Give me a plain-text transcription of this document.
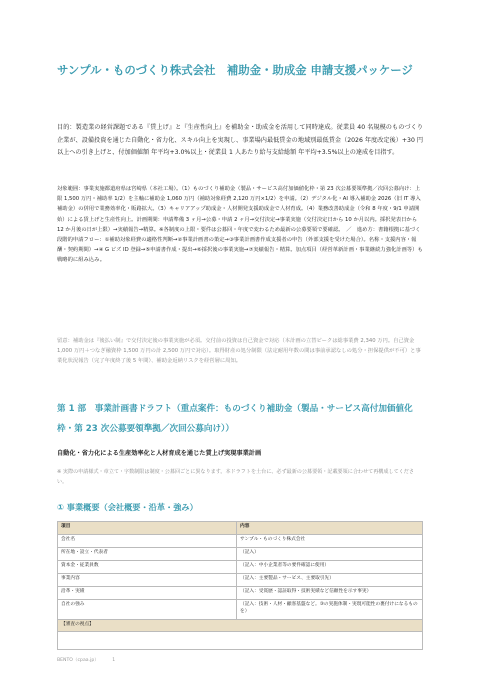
サンプル・ものづくり株式会社　補助金・助成金 申請支援パッケージ
目的：製造業の経営課題である『賃上げ』と『生産性向上』を補助金・助成金を活用して同時達成。従業員 40 名規模のものづくり企業が、設備投資を通じた自動化・省力化、スキル向上を実現し、事業場内最低賃金の地域別最低賃金（2026 年度改定後）+30 円以上への引き上げと、付加価値額 年平均+3.0%以上・従業員 1 人あたり給与支給総額 年平均+3.5%以上の達成を目指す。
対象範囲：事業実施都道府県は宮崎県（本社工場）。（1）ものづくり補助金（製品・サービス高付加価値化枠・第 23 次公募要領準拠／次回公募向け：上限 1,500 万円・補助率 1/2）を主軸に補助金 1,060 万円（補助対象経費 2,120 万円×1/2）を申請。（2）デジタル化・AI 導入補助金 2026（旧 IT 導入補助金）の併用で業務効率化・販路拡大。（3）キャリアアップ助成金・人材開発支援助成金で人材育成。（4）業務改善助成金（令和 8 年度・9/1 申請開始）による賃上げと生産性向上。計画期間：申請準備 3 ヶ月→公募・申請 2 ヶ月→交付決定→事業実施（交付決定日から 10 か月以内。採択発表日から 12 か月後の日が上限）→実績報告→精算。※各制度の上限・要件は公募回・年度で変わるため最新の公募要領で要確認。　／　進め方：書籍根拠に基づく段階的申請フロー：①補助対象経費の適格性判断→②事業計画書の策定→③事業計画書作成支援者の申告（外部支援を受けた場合）。名称・支援内容・報酬・契約期間）→④ G ビズ ID 登録→⑤申請書作成・提出→⑥採択後の事業実施→⑦実績報告・精算。加点項目（経営革新計画・事業継続力強化計画等）も戦略的に組み込み。
留意：補助金は『後払い制』で交付決定後の事業実施が必須。交付前の投資は自己資金で対応（本計画の立替ピークは総事業費 2,340 万円。自己資金 1,000 万円＋つなぎ融資枠 1,500 万円の計 2,500 万円で対応）。取得財産の処分制限（法定耐用年数の間は事前承認なしの処分・担保提供が不可）と事業化状況報告（完了年度終了後 5 年間）、補助金返納リスクを経営層に周知。
第 1 部　事業計画書ドラフト（重点案件：ものづくり補助金（製品・サービス高付加価値化枠・第 23 次公募要領準拠／次回公募向け））
自動化・省力化による生産効率化と人材育成を通じた賃上げ実現事業計画
※ 実際の申請様式・章立て・字数制限は制度・公募回ごとに異なります。本ドラフトを土台に、必ず最新の公募要領・記載要領に合わせて再構成してください。
① 事業概要（会社概要・沿革・強み）
項目	内容
会社名	サンプル・ものづくり株式会社
所在地・設立・代表者	（記入）
資本金・従業員数	（記入：中小企業者等の要件確認に使用）
事業内容	（記入：主要製品・サービス、主要取引先）
沿革・実績	（記入：受賞歴・認証取得・技術実績など信頼性を示す事実）
自社の強み	（記入：技術・人材・顧客基盤など。③の実施体制・実現可能性の裏付けになるもの を）
【審査の視点】	

BENTO（cpaa.jp）	1
